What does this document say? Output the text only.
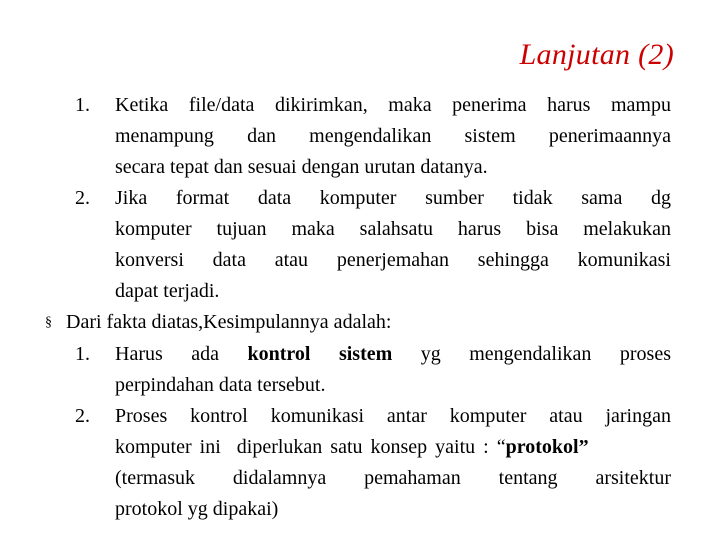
Lanjutan (2)
1. Ketika file/data dikirimkan, maka penerima harus mampu
menampung dan mengendalikan sistem penerimaannya
secara tepat dan sesuai dengan urutan datanya.
2. Jika format data komputer sumber tidak sama dg
komputer tujuan maka salahsatu harus bisa melakukan
konversi data atau penerjemahan sehingga komunikasi
dapat terjadi.
§ Dari fakta diatas,Kesimpulannya adalah:
1. Harus ada kontrol sistem yg mengendalikan proses
perpindahan data tersebut.
2. Proses kontrol komunikasi antar komputer atau jaringan
komputer ini  diperlukan satu konsep yaitu : “protokol”
(termasuk didalamnya pemahaman tentang arsitektur
protokol yg dipakai)
